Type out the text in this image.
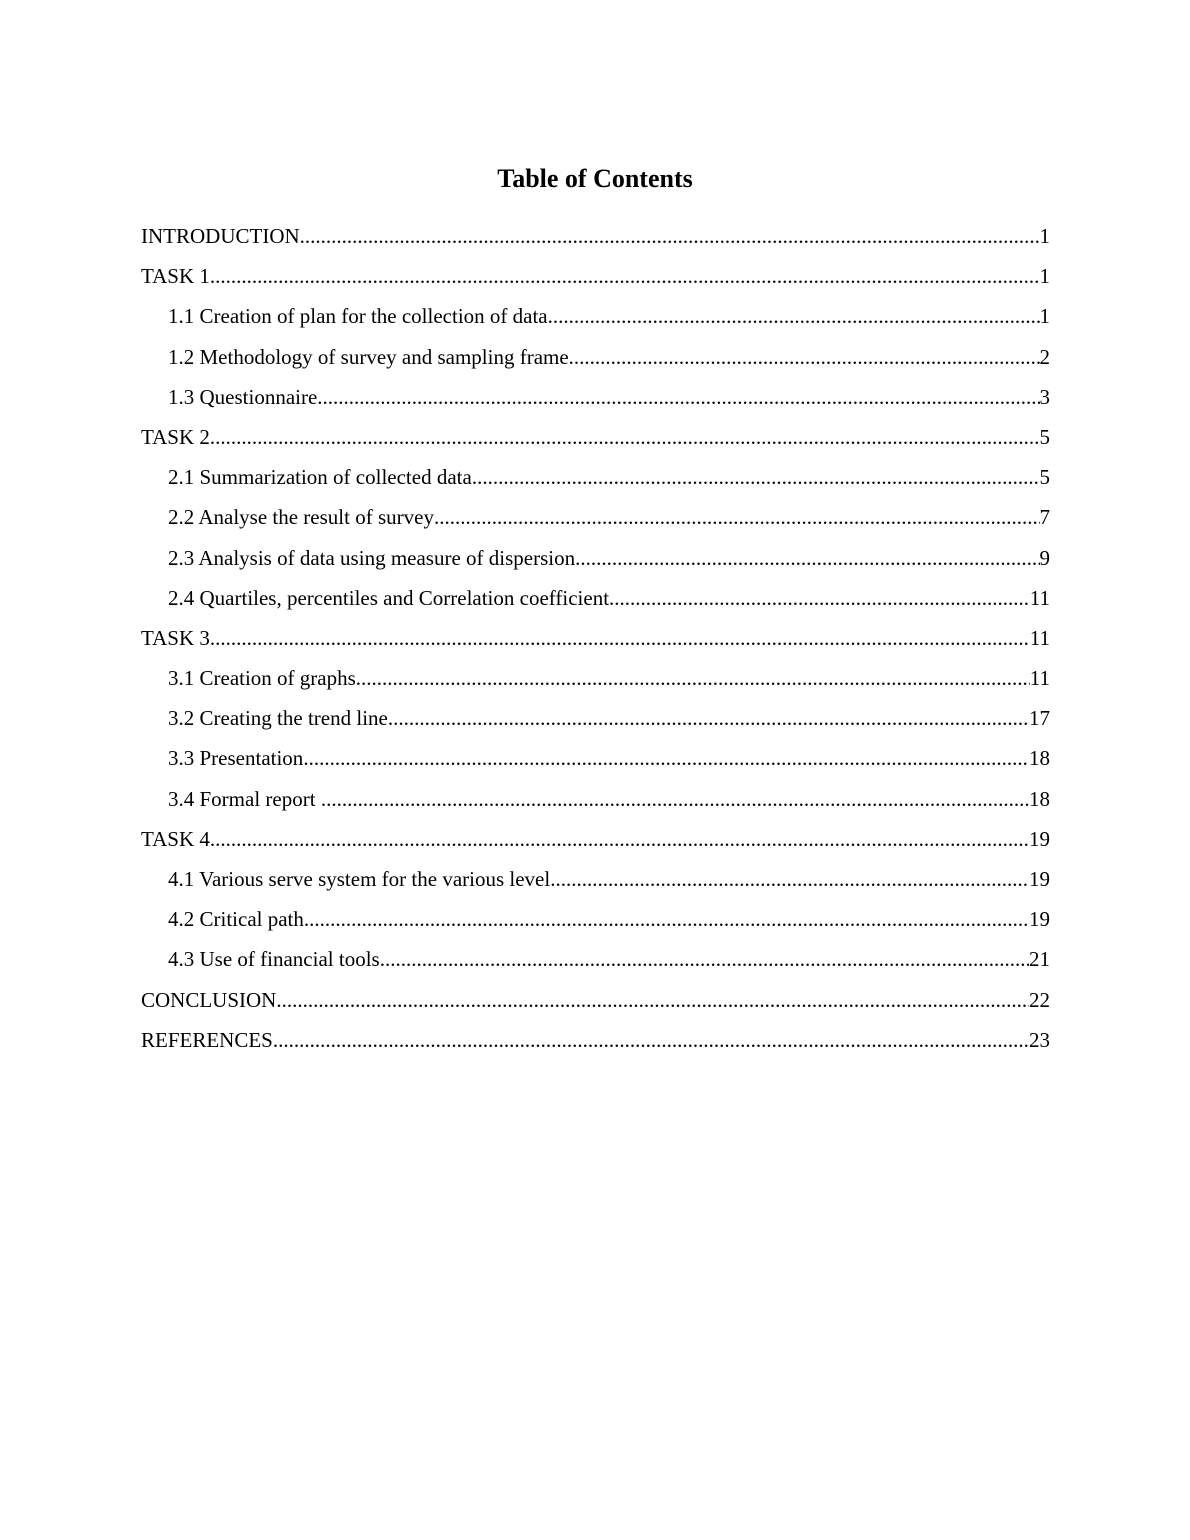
Table of Contents
INTRODUCTION .....	1
TASK 1 .....	1
1.1 Creation of plan for the collection of data .....	1
1.2 Methodology of survey and sampling frame .....	2
1.3 Questionnaire .....	3
TASK 2 .....	5
2.1 Summarization of collected data .....	5
2.2 Analyse the result of survey .....	7
2.3 Analysis of data using measure of dispersion .....	9
2.4 Quartiles, percentiles and Correlation coefficient .....	11
TASK 3 .....	11
3.1 Creation of graphs .....	11
3.2 Creating the trend line .....	17
3.3 Presentation .....	18
3.4 Formal report .....	18
TASK 4 .....	19
4.1 Various serve system for the various level .....	19
4.2 Critical path .....	19
4.3 Use of financial tools .....	21
CONCLUSION .....	22
REFERENCES .....	23
